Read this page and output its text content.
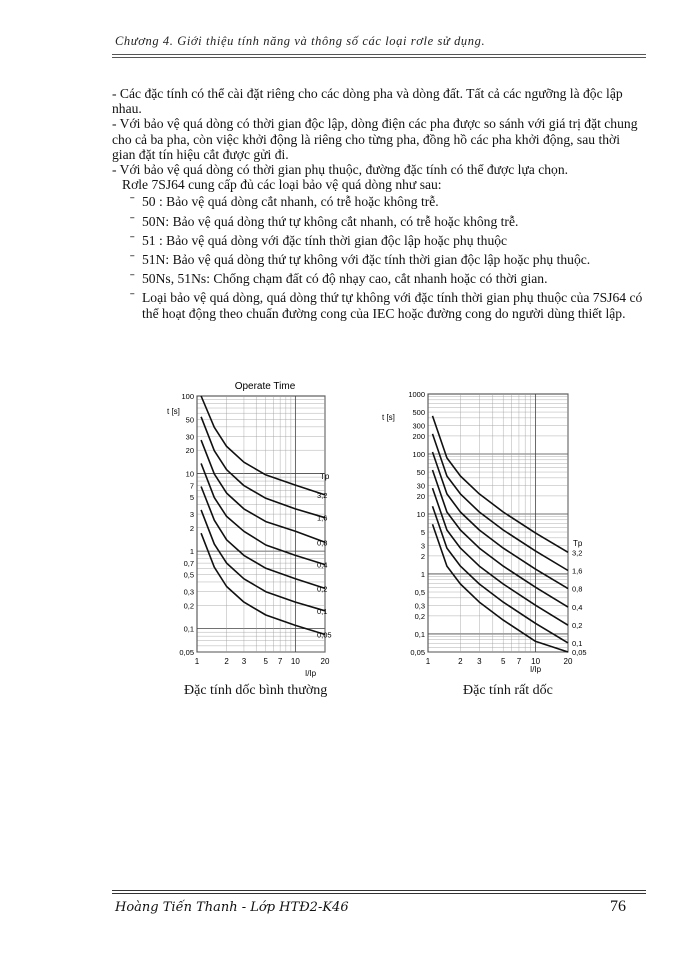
Chương 4. Giới thiệu tính năng và thông số các loại rơle sử dụng.

- Các đặc tính có thể cài đặt riêng cho các dòng pha và dòng đất. Tất cả các ngưỡng là độc lập nhau.

- Với bảo vệ quá dòng có thời gian độc lập, dòng điện các pha được so sánh với giá trị đặt chung cho cả ba pha, còn việc khởi động là riêng cho từng pha, đồng hồ các pha khởi động, sau thời gian đặt tín hiệu cắt được gửi đi.

- Với bảo vệ quá dòng có thời gian phụ thuộc, đường đặc tính có thể được lựa chọn.

Rơle 7SJ64 cung cấp đủ các loại bảo vệ quá dòng như sau:

ˉ 50 : Bảo vệ quá dòng cắt nhanh, có trễ hoặc không trễ.
ˉ 50N: Bảo vệ quá dòng thứ tự không cắt nhanh, có trễ hoặc không trễ.
ˉ 51 : Bảo vệ quá dòng với đặc tính thời gian độc lập hoặc phụ thuộc
ˉ 51N: Bảo vệ quá dòng thứ tự không với đặc tính thời gian độc lập hoặc phụ thuộc.
ˉ 50Ns, 51Ns: Chống chạm đất có độ nhạy cao, cắt nhanh hoặc có thời gian.
ˉ Loại bảo vệ quá dòng, quá dòng thứ tự không với đặc tính thời gian phụ thuộc của 7SJ64 có thể hoạt động theo chuẩn đường cong của IEC hoặc đường cong do người dùng thiết lập.
Operate Time
t [s]
Tp
I/Ip
100
50
30
20
10
7
5
3
2
1
0,7
0,5
0,3
0,2
0,1
0,05
1	2 3 5 7 10	20
3,2
1,6
0,8
0,4
0,2
0,1
0,05
Đặc tính dốc bình thường
t [s]
Tp
I/Ip
1000
500
300
200
100
50
30
20
10
5
3
2
1
0,5
0,3
0,2
0,1
0,05
1	2 3 5 7 10	20
3,2
1,6
0,8
0,4
0,2
0,1
0,05
Đặc tính rất dốc
Hoàng Tiến Thanh - Lớp HTĐ2-K46	76
